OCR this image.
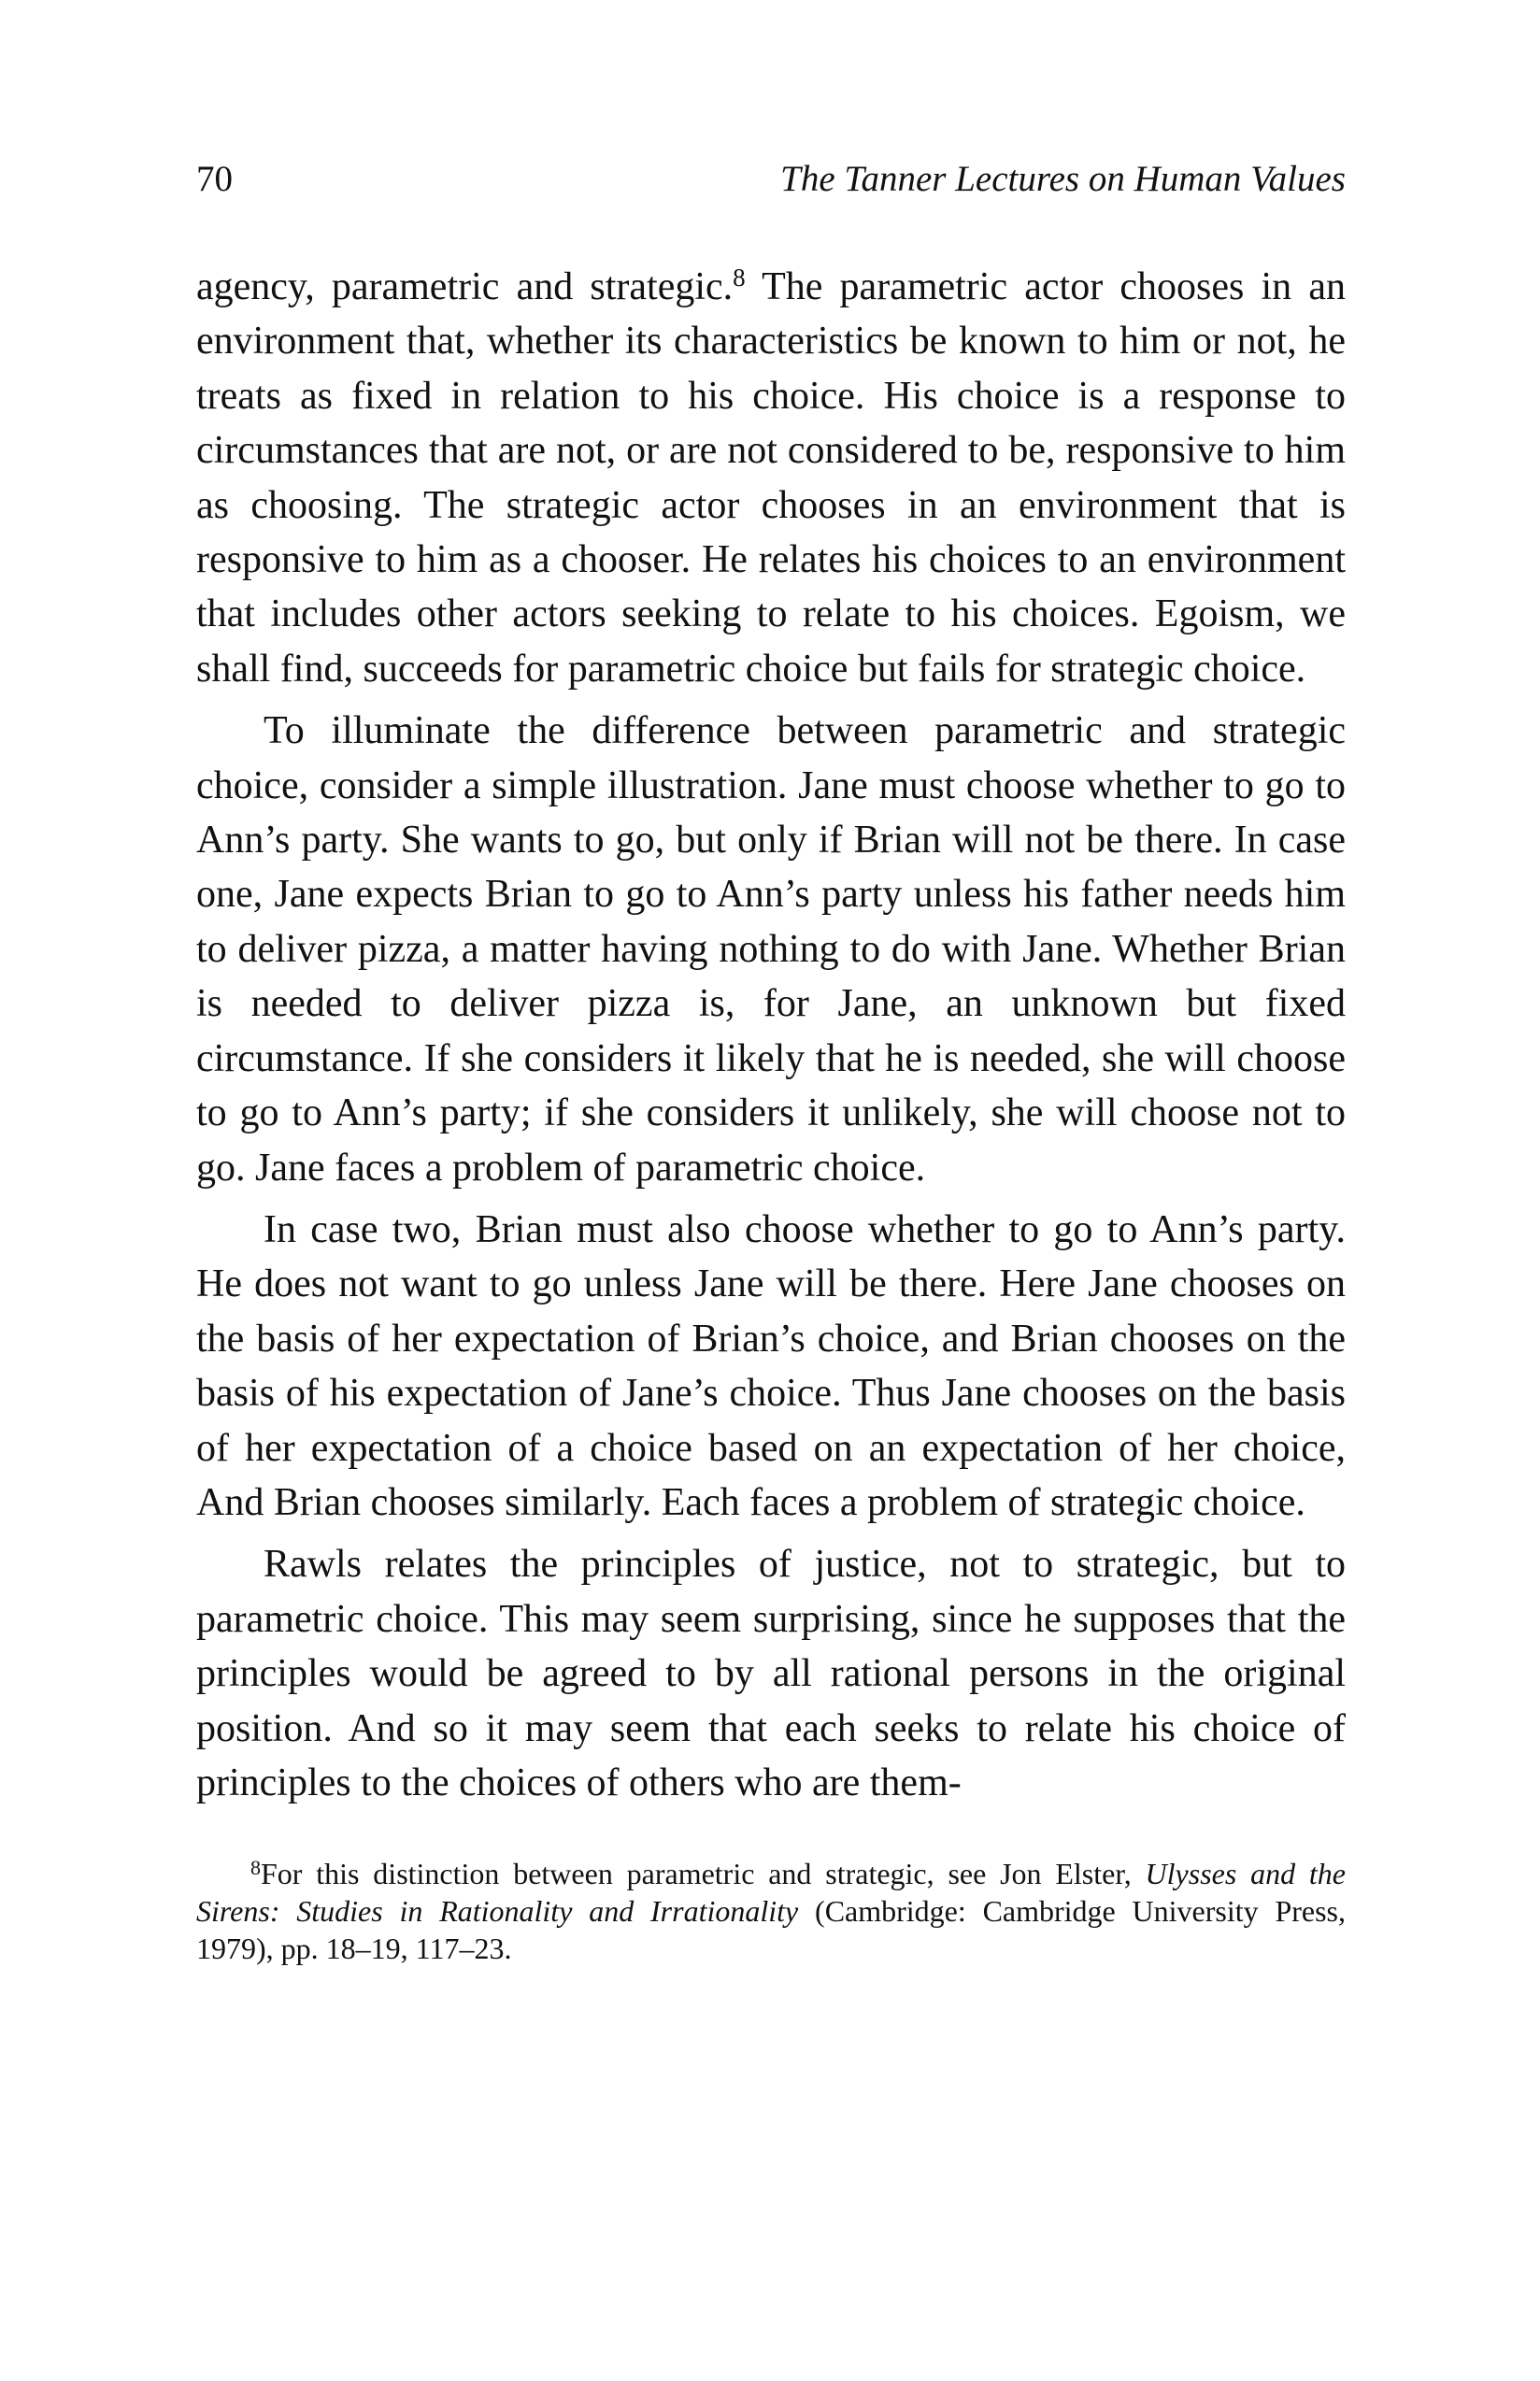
70	The Tanner Lectures on Human Values

agency, parametric and strategic.$^8$ The parametric actor chooses in an environment that, whether its characteristics be known to him or not, he treats as fixed in relation to his choice. His choice is a response to circumstances that are not, or are not considered to be, responsive to him as choosing. The strategic actor chooses in an environment that is responsive to him as a chooser. He relates his choices to an environment that includes other actors seeking to relate to his choices. Egoism, we shall find, succeeds for parametric choice but fails for strategic choice.

To illuminate the difference between parametric and strategic choice, consider a simple illustration. Jane must choose whether to go to Ann’s party. She wants to go, but only if Brian will not be there. In case one, Jane expects Brian to go to Ann’s party unless his father needs him to deliver pizza, a matter having nothing to do with Jane. Whether Brian is needed to deliver pizza is, for Jane, an unknown but fixed circumstance. If she considers it likely that he is needed, she will choose to go to Ann’s party; if she considers it unlikely, she will choose not to go. Jane faces a problem of parametric choice.

In case two, Brian must also choose whether to go to Ann’s party. He does not want to go unless Jane will be there. Here Jane chooses on the basis of her expectation of Brian’s choice, and Brian chooses on the basis of his expectation of Jane’s choice. Thus Jane chooses on the basis of her expectation of a choice based on an expectation of her choice, And Brian chooses similarly. Each faces a problem of strategic choice.

Rawls relates the principles of justice, not to strategic, but to parametric choice. This may seem surprising, since he supposes that the principles would be agreed to by all rational persons in the original position. And so it may seem that each seeks to relate his choice of principles to the choices of others who are them-

$^8$For this distinction between parametric and strategic, see Jon Elster, Ulysses and the Sirens: Studies in Rationality and Irrationality (Cambridge: Cambridge University Press, 1979), pp. 18–19, 117–23.
